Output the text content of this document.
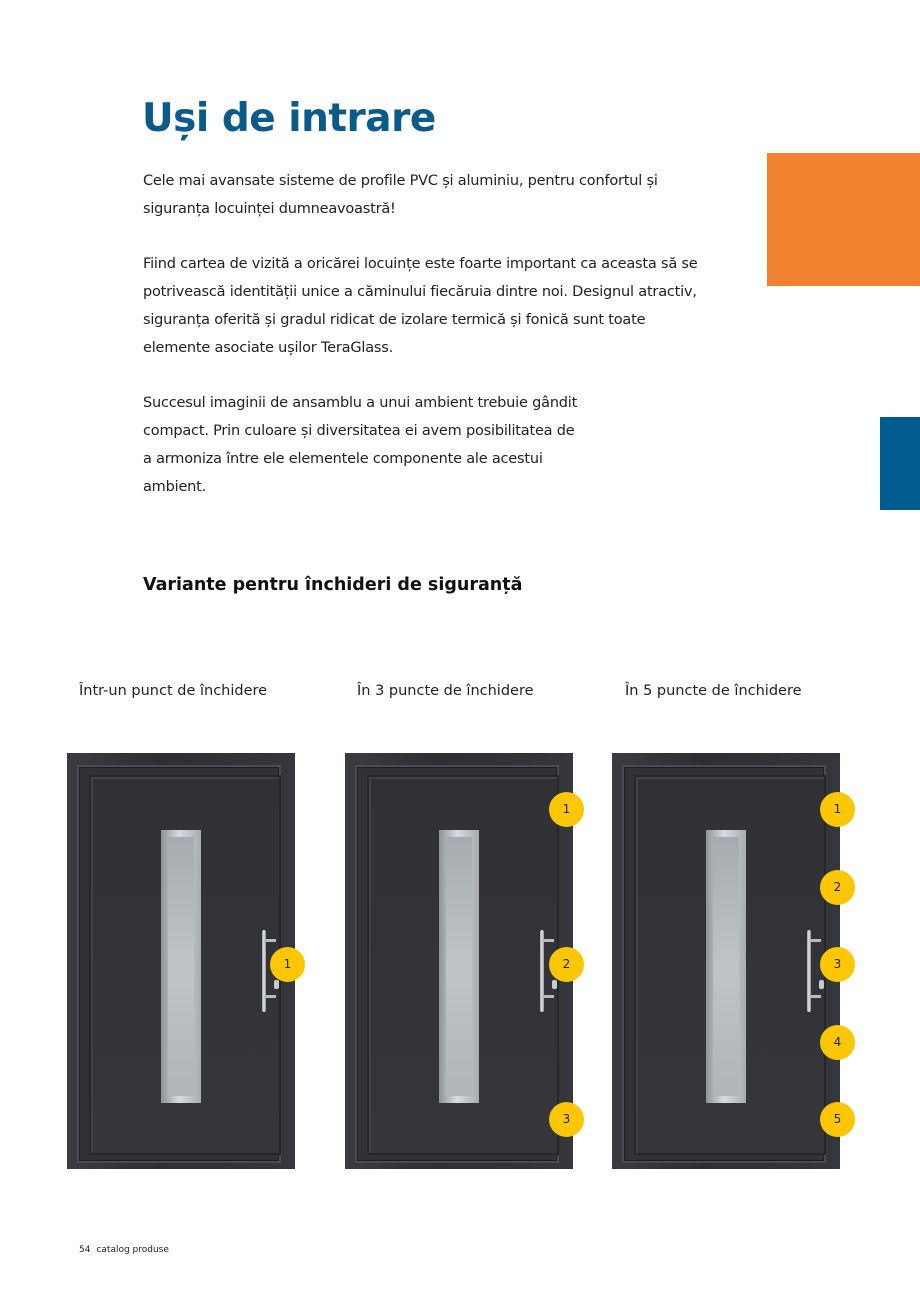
Uși de intrare

Cele mai avansate sisteme de profile PVC și aluminiu, pentru confortul și siguranța locuinței dumneavoastră!

Fiind cartea de vizită a oricărei locuințe este foarte important ca aceasta să se potrivească identității unice a căminului fiecăruia dintre noi. Designul atractiv, siguranța oferită și gradul ridicat de izolare termică și fonică sunt toate elemente asociate ușilor TeraGlass.

Succesul imaginii de ansamblu a unui ambient trebuie gândit compact. Prin culoare și diversitatea ei avem posibilitatea de a armoniza între ele elementele componente ale acestui ambient.

Variante pentru închideri de siguranță

Într-un punct de închidere	În 3 puncte de închidere	În 5 puncte de închidere

1
1
2
3
1
2
3
4
5
54 catalog produse
